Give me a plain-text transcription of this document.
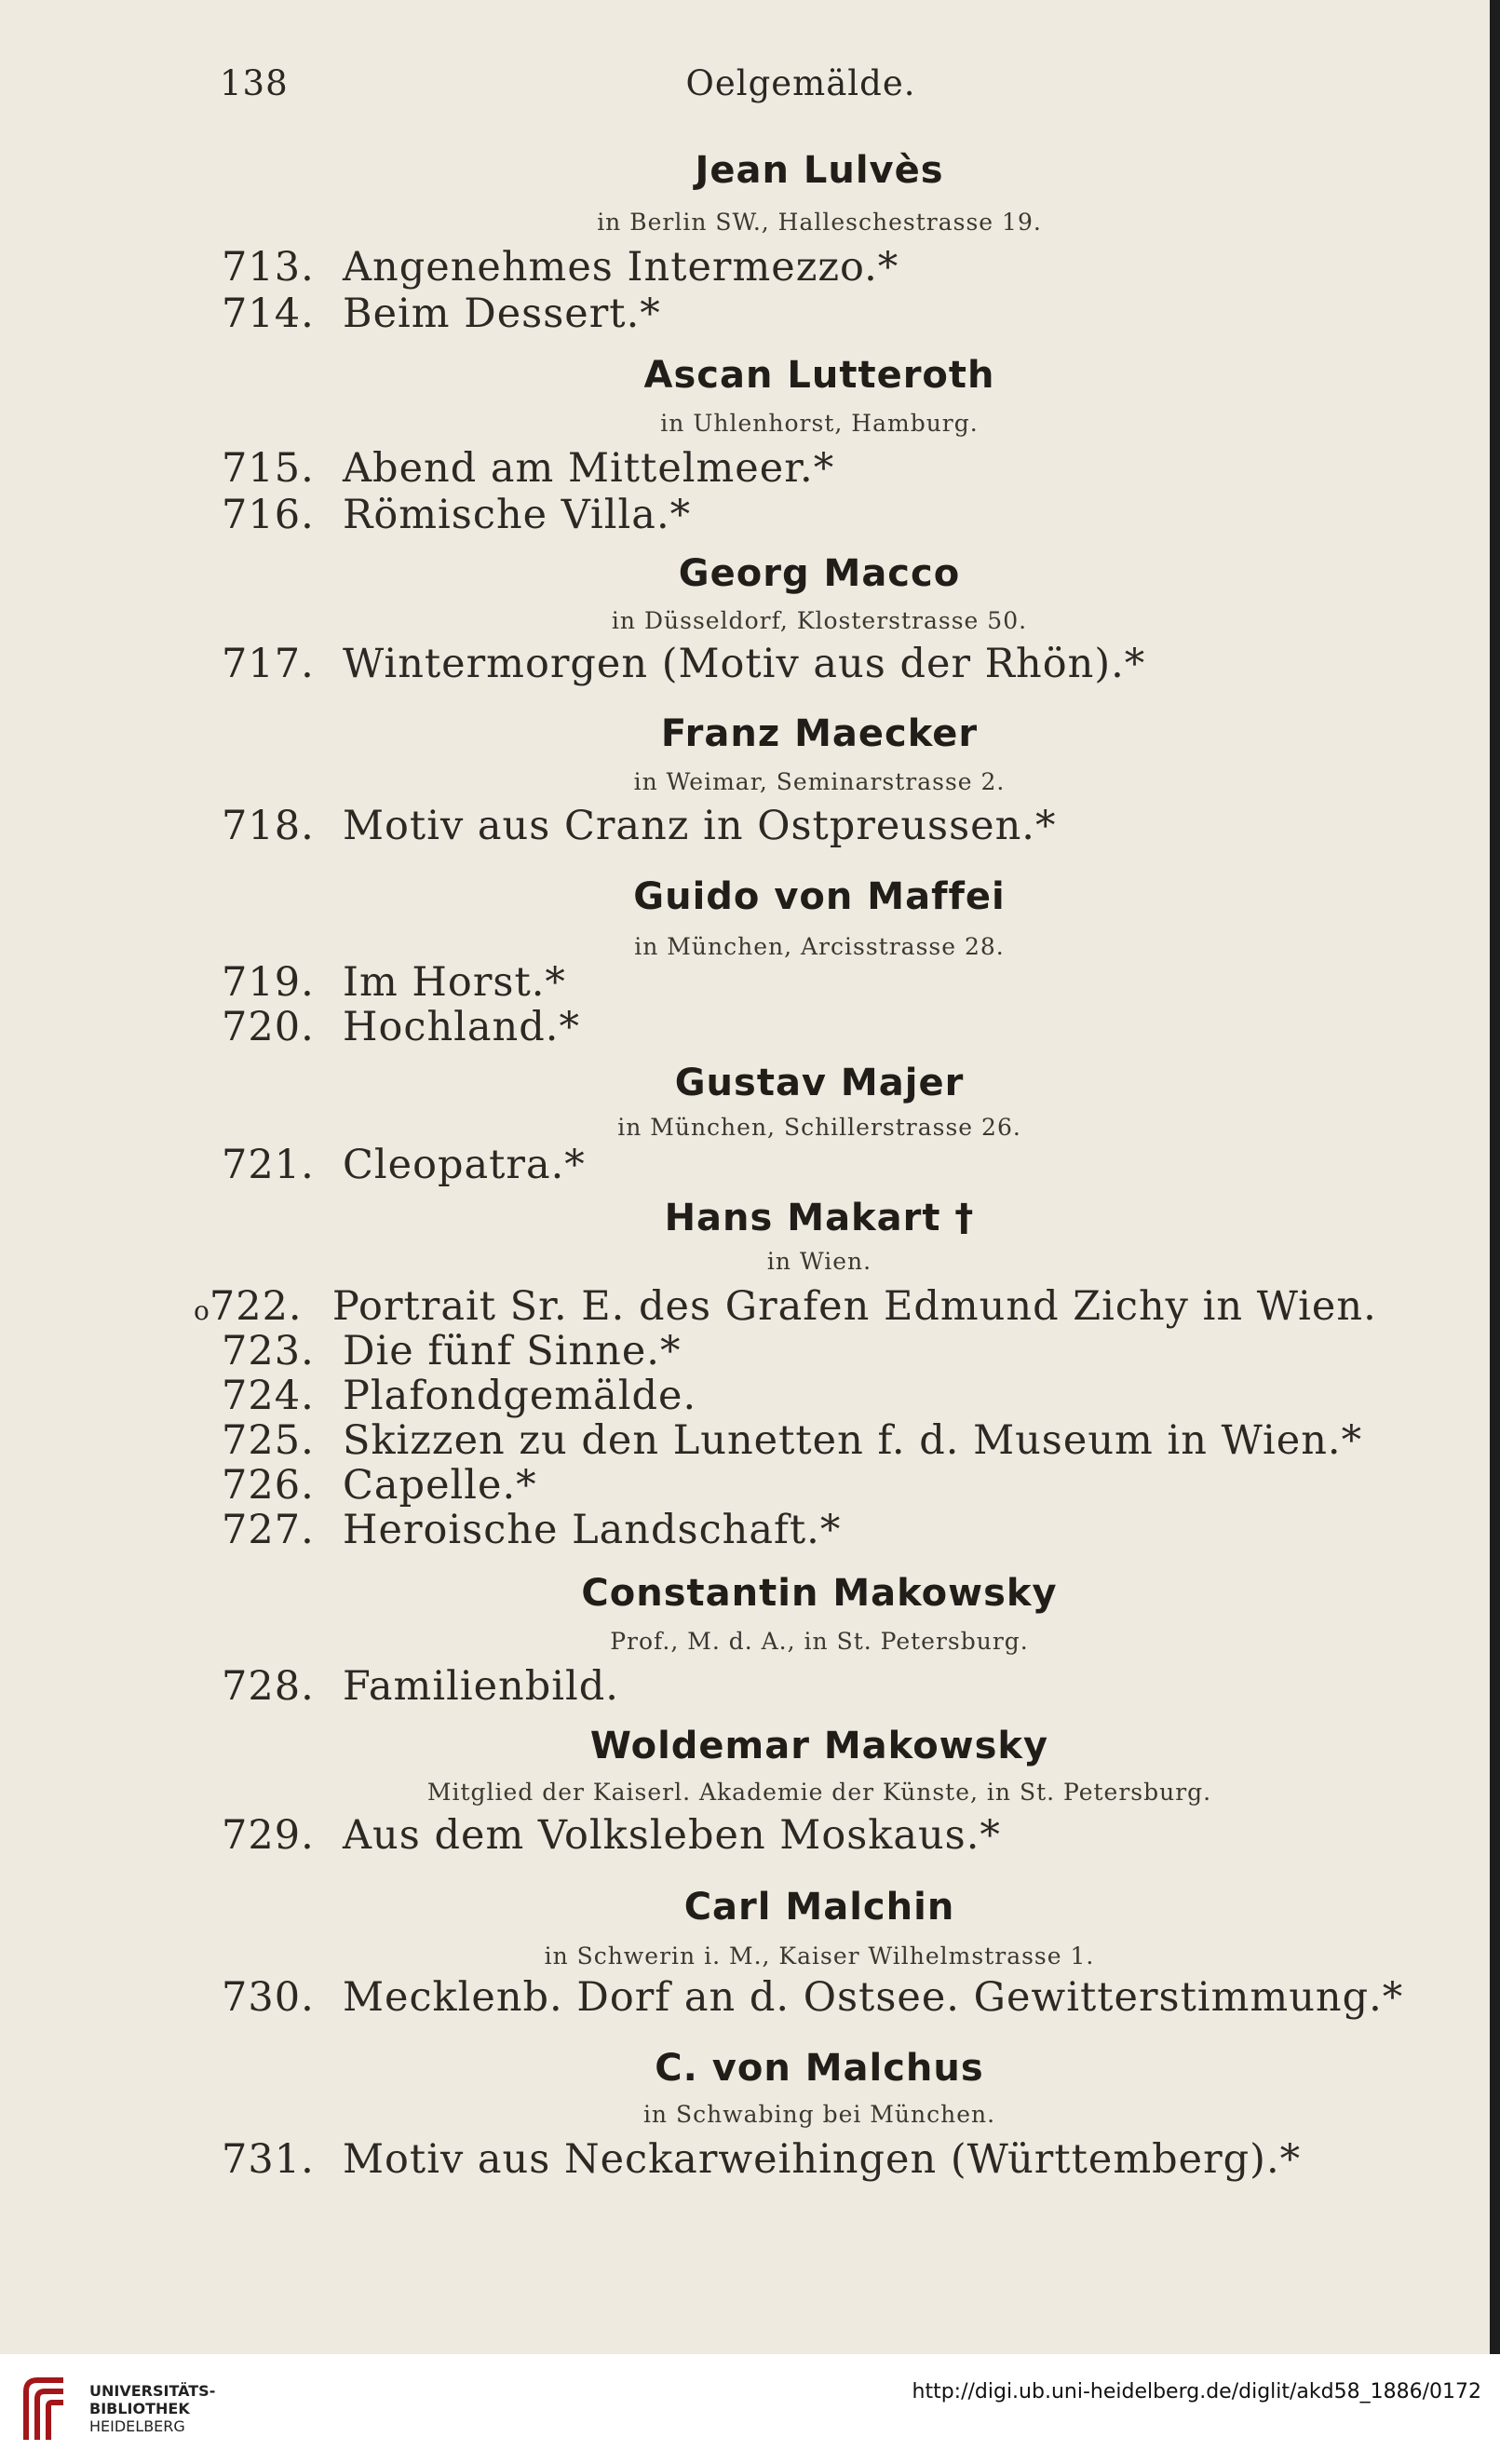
138	Oelgemälde.
Jean Lulvès
in Berlin SW., Halleschestrasse 19.
713. Angenehmes Intermezzo.*
714. Beim Dessert.*
Ascan Lutteroth
in Uhlenhorst, Hamburg.
715. Abend am Mittelmeer.*
716. Römische Villa.*
Georg Macco
in Düsseldorf, Klosterstrasse 50.
717. Wintermorgen (Motiv aus der Rhön).*
Franz Maecker
in Weimar, Seminarstrasse 2.
718. Motiv aus Cranz in Ostpreussen.*
Guido von Maffei
in München, Arcisstrasse 28.
719. Im Horst.*
720. Hochland.*
Gustav Majer
in München, Schillerstrasse 26.
721. Cleopatra.*
Hans Makart †
in Wien.
o722. Portrait Sr. E. des Grafen Edmund Zichy in Wien.
723. Die fünf Sinne.*
724. Plafondgemälde.
725. Skizzen zu den Lunetten f. d. Museum in Wien.*
726. Capelle.*
727. Heroische Landschaft.*
Constantin Makowsky
Prof., M. d. A., in St. Petersburg.
728. Familienbild.
Woldemar Makowsky
Mitglied der Kaiserl. Akademie der Künste, in St. Petersburg.
729. Aus dem Volksleben Moskaus.*
Carl Malchin
in Schwerin i. M., Kaiser Wilhelmstrasse 1.
730. Mecklenb. Dorf an d. Ostsee. Gewitterstimmung.*
C. von Malchus
in Schwabing bei München.
731. Motiv aus Neckarweihingen (Württemberg).*
UNIVERSITÄTS-
BIBLIOTHEK
HEIDELBERG
http://digi.ub.uni-heidelberg.de/diglit/akd58_1886/0172
